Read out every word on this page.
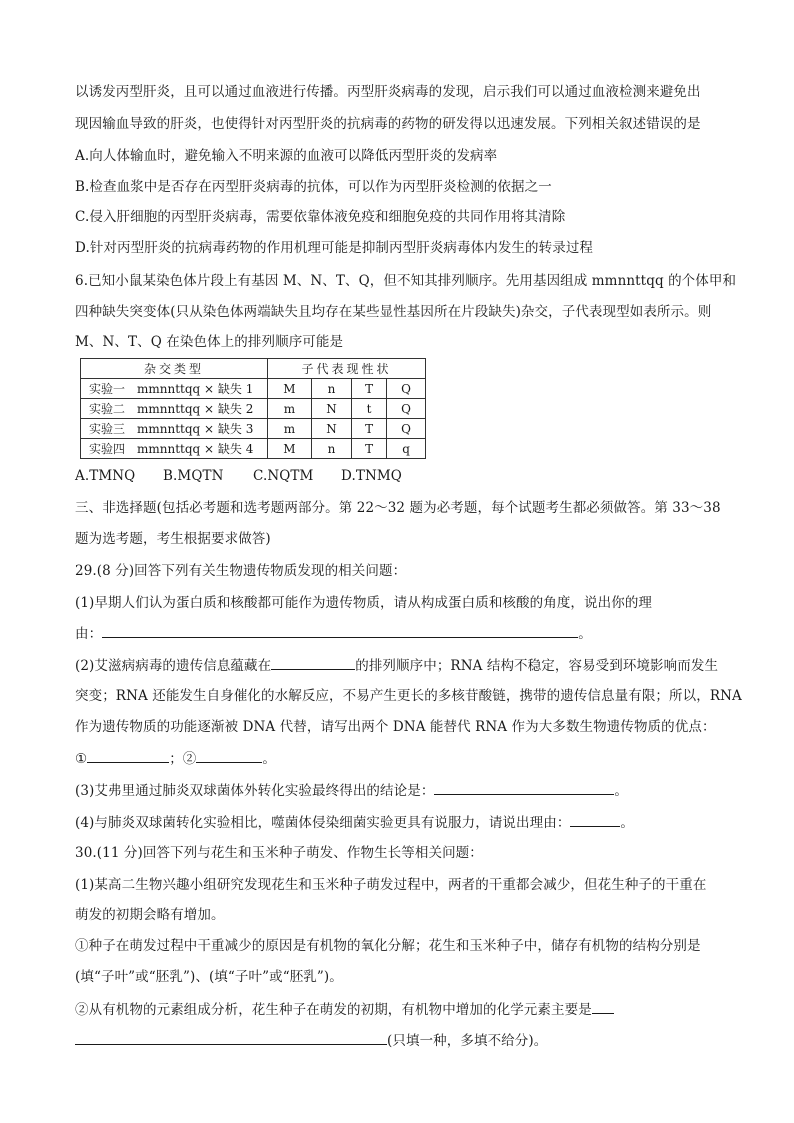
以诱发丙型肝炎，且可以通过血液进行传播。丙型肝炎病毒的发现，启示我们可以通过血液检测来避免出
现因输血导致的肝炎，也使得针对丙型肝炎的抗病毒的药物的研发得以迅速发展。下列相关叙述错误的是
A.向人体输血时，避免输入不明来源的血液可以降低丙型肝炎的发病率
B.检查血浆中是否存在丙型肝炎病毒的抗体，可以作为丙型肝炎检测的依据之一
C.侵入肝细胞的丙型肝炎病毒，需要依靠体液免疫和细胞免疫的共同作用将其清除
D.针对丙型肝炎的抗病毒药物的作用机理可能是抑制丙型肝炎病毒体内发生的转录过程
6.已知小鼠某染色体片段上有基因 M、N、T、Q，但不知其排列顺序。先用基因组成 mmnnttqq 的个体甲和
四种缺失突变体(只从染色体两端缺失且均存在某些显性基因所在片段缺失)杂交，子代表现型如表所示。则
M、N、T、Q 在染色体上的排列顺序可能是
杂交类型	子代表现性状			
实验一　mmnnttqq × 缺失 1	M	n	T	Q
实验二　mmnnttqq × 缺失 2	m	N	t	Q
实验三　mmnnttqq × 缺失 3	m	N	T	Q
实验四　mmnnttqq × 缺失 4	M	n	T	q
A.TMNQ B.MQTN C.NQTM D.TNMQ
三、非选择题(包括必考题和选考题两部分。第 22～32 题为必考题，每个试题考生都必须做答。第 33～38
题为选考题，考生根据要求做答)
29.(8 分)回答下列有关生物遗传物质发现的相关问题：
(1)早期人们认为蛋白质和核酸都可能作为遗传物质，请从构成蛋白质和核酸的角度，说出你的理
由：	。
(2)艾滋病病毒的遗传信息蕴藏在	的排列顺序中；RNA 结构不稳定，容易受到环境影响而发生
突变；RNA 还能发生自身催化的水解反应，不易产生更长的多核苷酸链，携带的遗传信息量有限；所以，RNA
作为遗传物质的功能逐渐被 DNA 代替，请写出两个 DNA 能替代 RNA 作为大多数生物遗传物质的优点：
①	；②	。
(3)艾弗里通过肺炎双球菌体外转化实验最终得出的结论是：	。
(4)与肺炎双球菌转化实验相比，噬菌体侵染细菌实验更具有说服力，请说出理由：	。
30.(11 分)回答下列与花生和玉米种子萌发、作物生长等相关问题：
(1)某高二生物兴趣小组研究发现花生和玉米种子萌发过程中，两者的干重都会减少，但花生种子的干重在
萌发的初期会略有增加。
①种子在萌发过程中干重减少的原因是有机物的氧化分解；花生和玉米种子中，储存有机物的结构分别是
(填“子叶”或“胚乳”)、(填“子叶”或“胚乳”)。
②从有机物的元素组成分析，花生种子在萌发的初期，有机物中增加的化学元素主要是
(只填一种，多填不给分)。
